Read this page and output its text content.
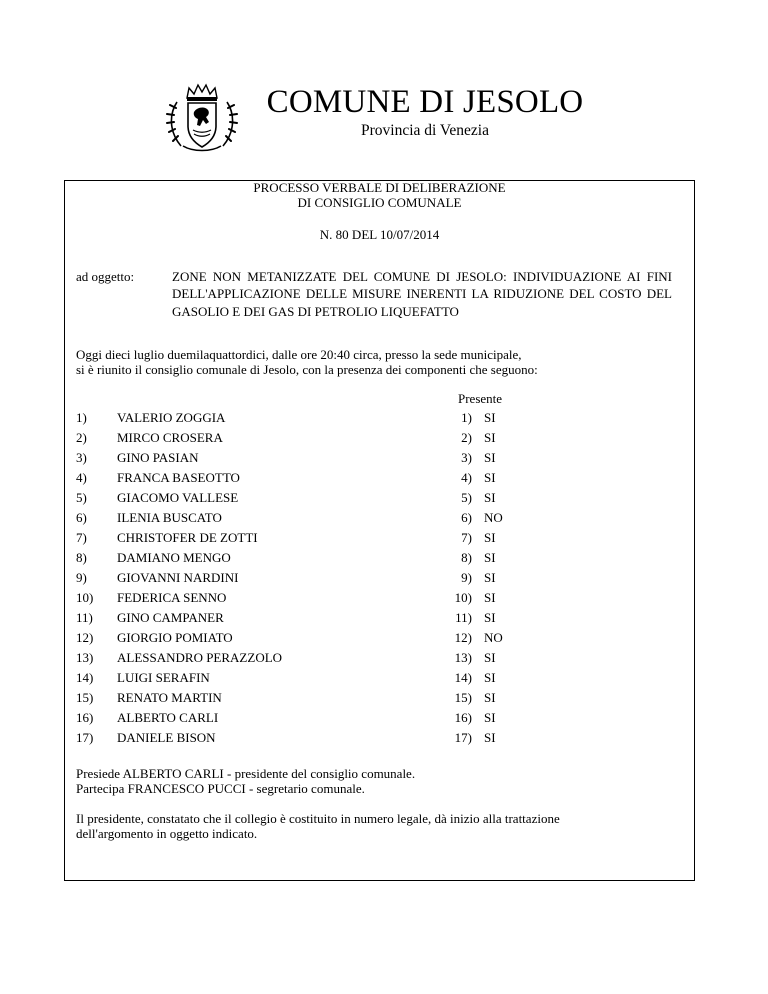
COMUNE DI JESOLO
Provincia di Venezia
PROCESSO VERBALE DI DELIBERAZIONE
DI CONSIGLIO COMUNALE
N. 80 DEL 10/07/2014
ad oggetto:	ZONE NON METANIZZATE DEL COMUNE DI JESOLO: INDIVIDUAZIONE AI FINI DELL'APPLICAZIONE DELLE MISURE INERENTI LA RIDUZIONE DEL COSTO DEL GASOLIO E DEI GAS DI PETROLIO LIQUEFATTO
Oggi dieci luglio duemilaquattordici, dalle ore 20:40 circa, presso la sede municipale,
si è riunito il consiglio comunale di Jesolo, con la presenza dei componenti che seguono:
Presente
1) VALERIO ZOGGIA	1) SI
2) MIRCO CROSERA	2) SI
3) GINO PASIAN	3) SI
4) FRANCA BASEOTTO	4) SI
5) GIACOMO VALLESE	5) SI
6) ILENIA BUSCATO	6) NO
7) CHRISTOFER DE ZOTTI	7) SI
8) DAMIANO MENGO	8) SI
9) GIOVANNI NARDINI	9) SI
10) FEDERICA SENNO	10) SI
11) GINO CAMPANER	11) SI
12) GIORGIO POMIATO	12) NO
13) ALESSANDRO PERAZZOLO	13) SI
14) LUIGI SERAFIN	14) SI
15) RENATO MARTIN	15) SI
16) ALBERTO CARLI	16) SI
17) DANIELE BISON	17) SI
Presiede ALBERTO CARLI - presidente del consiglio comunale.
Partecipa FRANCESCO PUCCI - segretario comunale.
Il presidente, constatato che il collegio è costituito in numero legale, dà inizio alla trattazione
dell'argomento in oggetto indicato.
